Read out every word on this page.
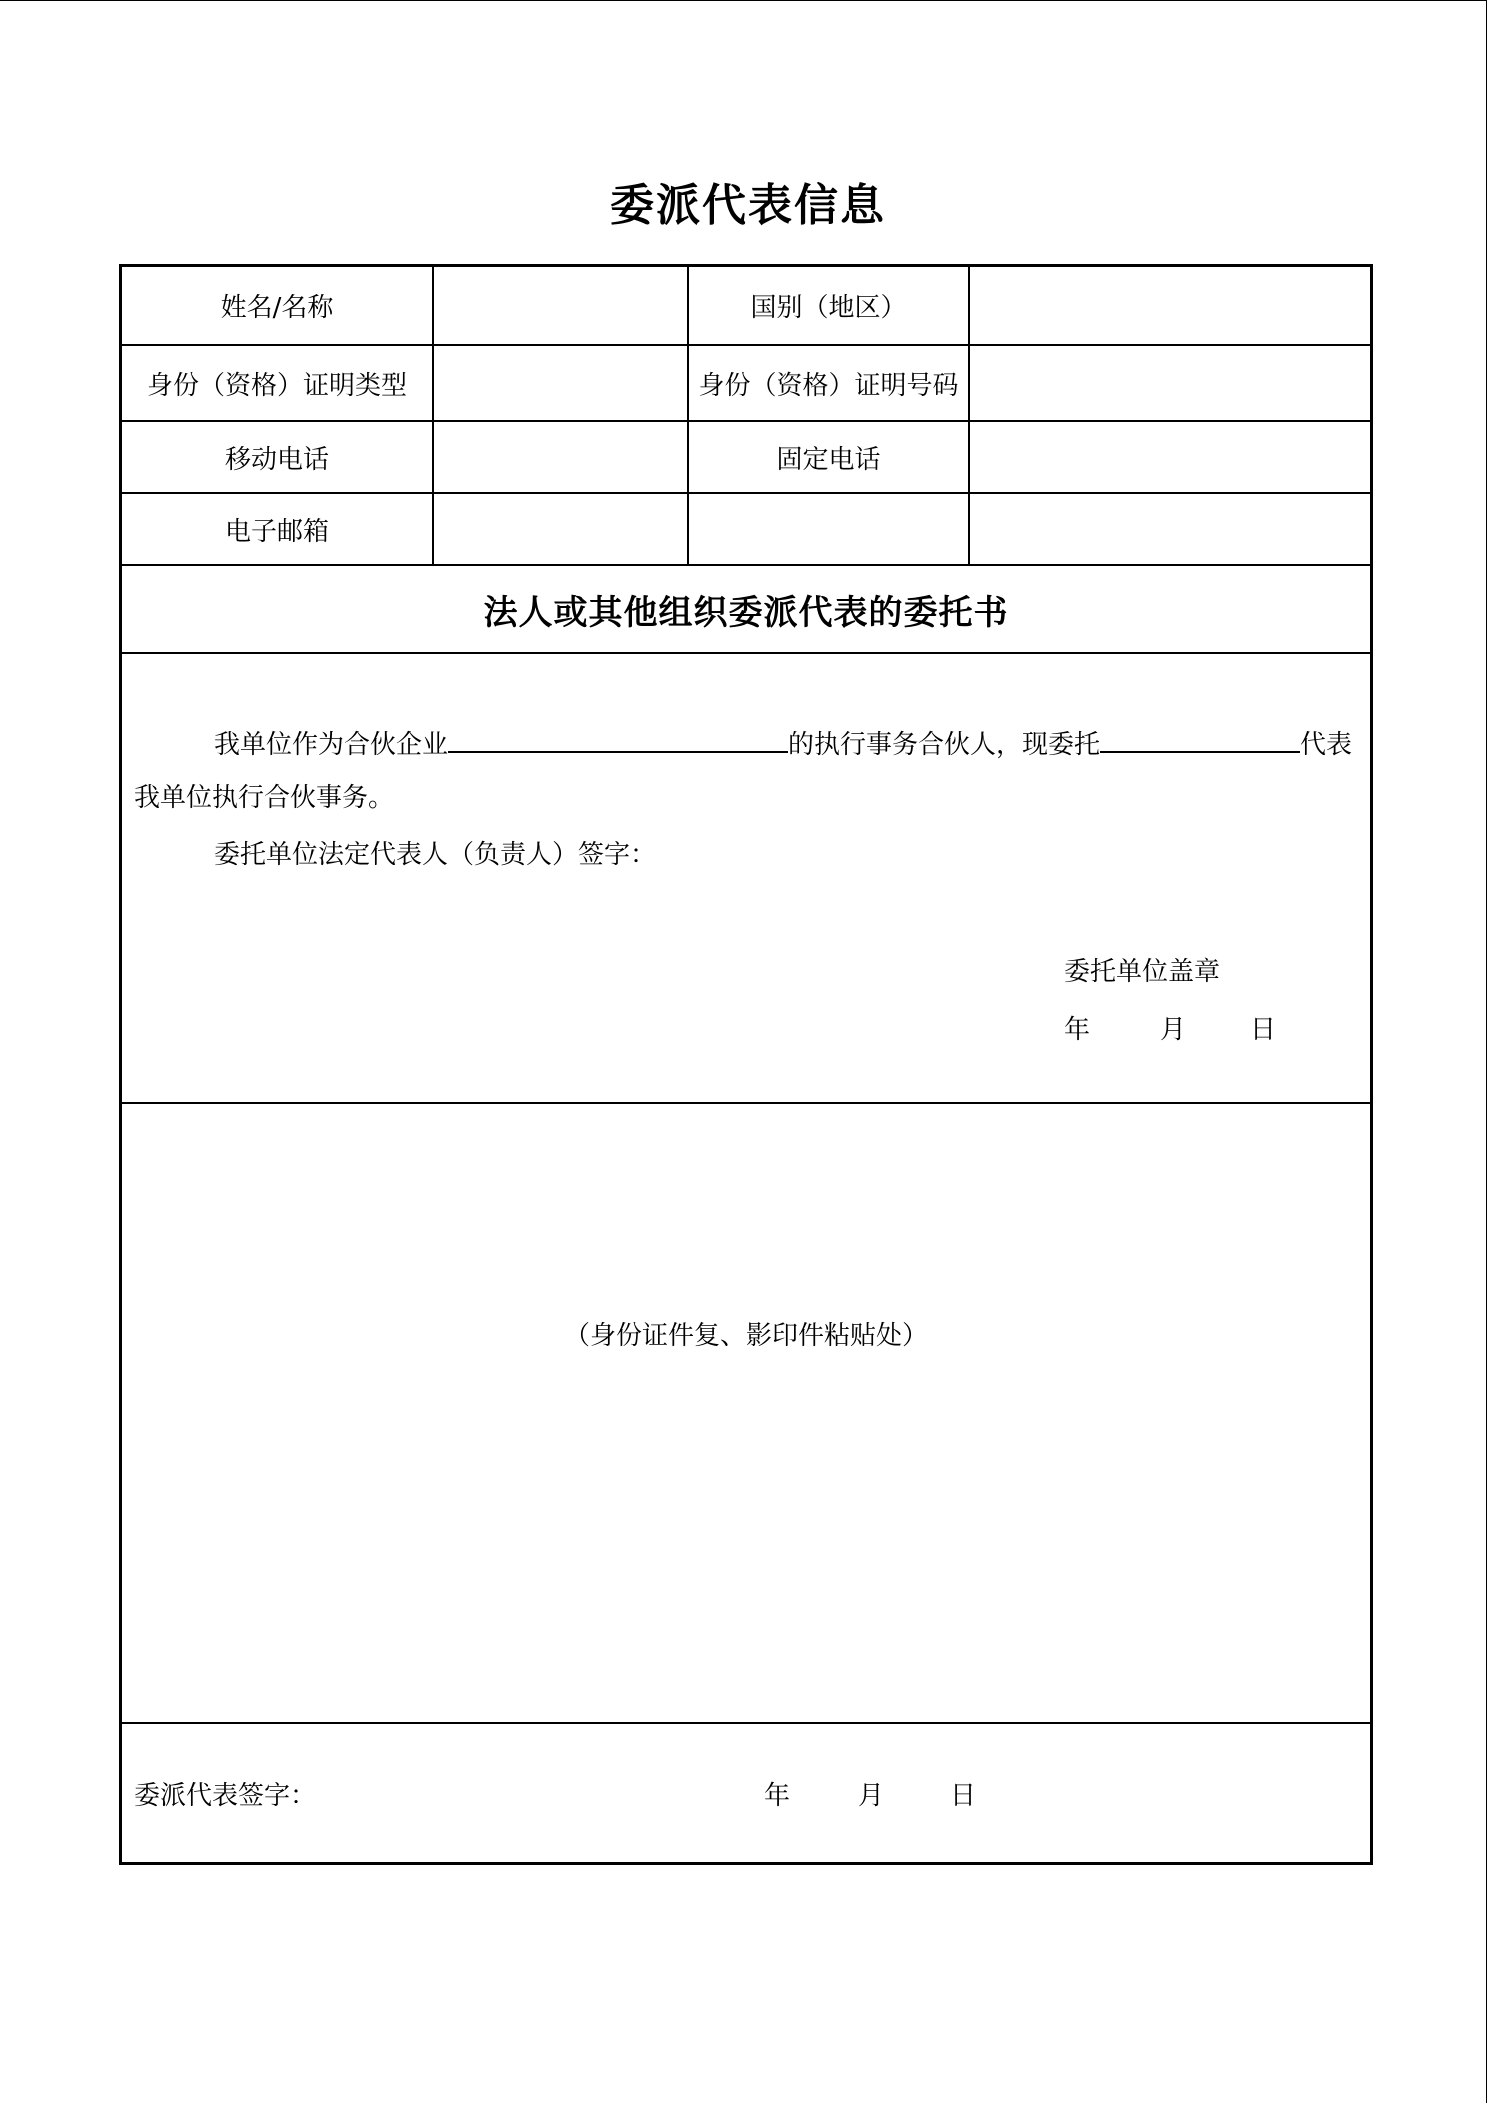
委派代表信息
姓名/名称	国别（地区）
身份（资格）证明类型	身份（资格）证明号码
移动电话	固定电话
电子邮箱
法人或其他组织委派代表的委托书
我单位作为合伙企业	的执行事务合伙人，现委托	代表
我单位执行合伙事务。
委托单位法定代表人（负责人）签字：
委托单位盖章
年	月 日
（身份证件复、影印件粘贴处）
委派代表签字：	年	月	日
